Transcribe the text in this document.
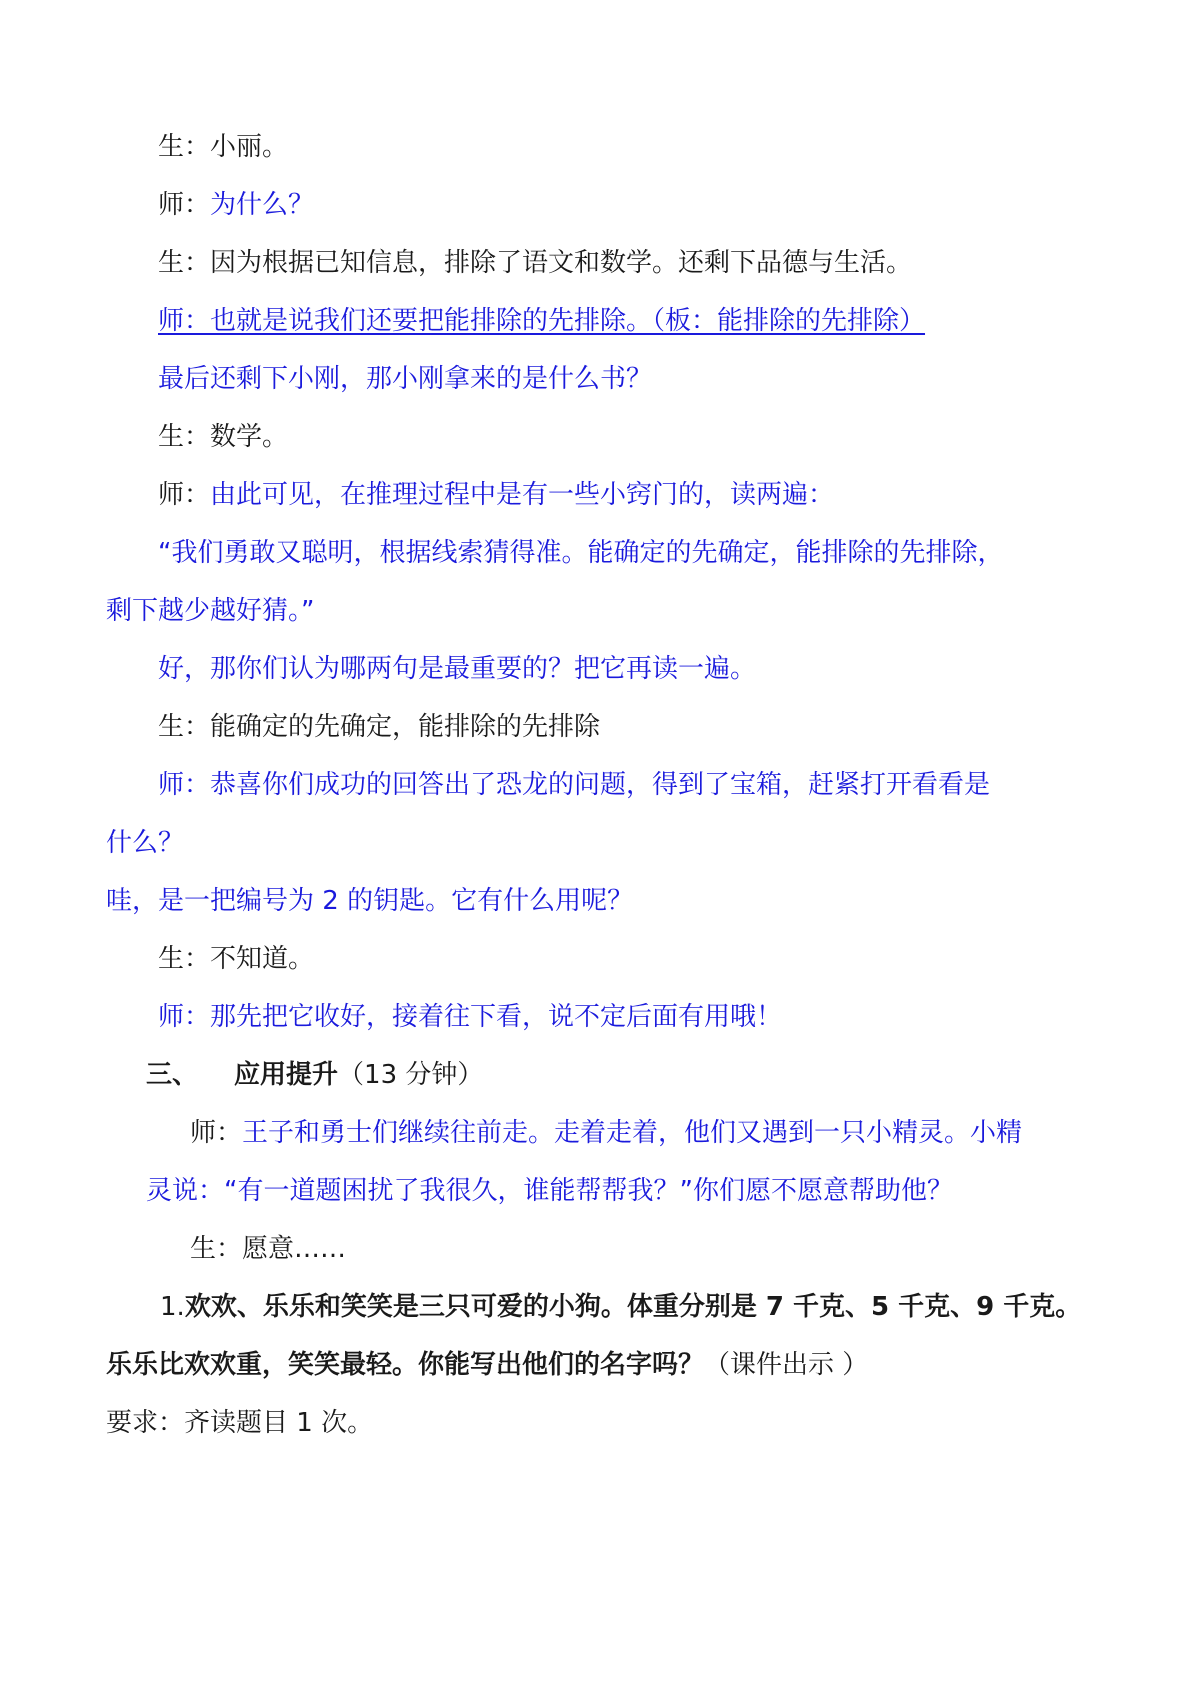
生：小丽。
师：为什么？
生：因为根据已知信息，排除了语文和数学。还剩下品德与生活。
师：也就是说我们还要把能排除的先排除。（板：能排除的先排除）
最后还剩下小刚，那小刚拿来的是什么书？
生：数学。
师：由此可见，在推理过程中是有一些小窍门的，读两遍：
“我们勇敢又聪明，根据线索猜得准。能确定的先确定，能排除的先排除，
剩下越少越好猜。”
好，那你们认为哪两句是最重要的？把它再读一遍。
生：能确定的先确定，能排除的先排除
师：恭喜你们成功的回答出了恐龙的问题，得到了宝箱，赶紧打开看看是
什么？
哇，是一把编号为 2 的钥匙。它有什么用呢？
生：不知道。
师：那先把它收好，接着往下看，说不定后面有用哦！
三、 应用提升（13 分钟）
师：王子和勇士们继续往前走。走着走着，他们又遇到一只小精灵。小精
灵说：“有一道题困扰了我很久，谁能帮帮我？”你们愿不愿意帮助他？
生：愿意……
1.欢欢、乐乐和笑笑是三只可爱的小狗。体重分别是 7 千克、5 千克、9 千克。
乐乐比欢欢重，笑笑最轻。你能写出他们的名字吗？（课件出示 ）
要求：齐读题目 1 次。
